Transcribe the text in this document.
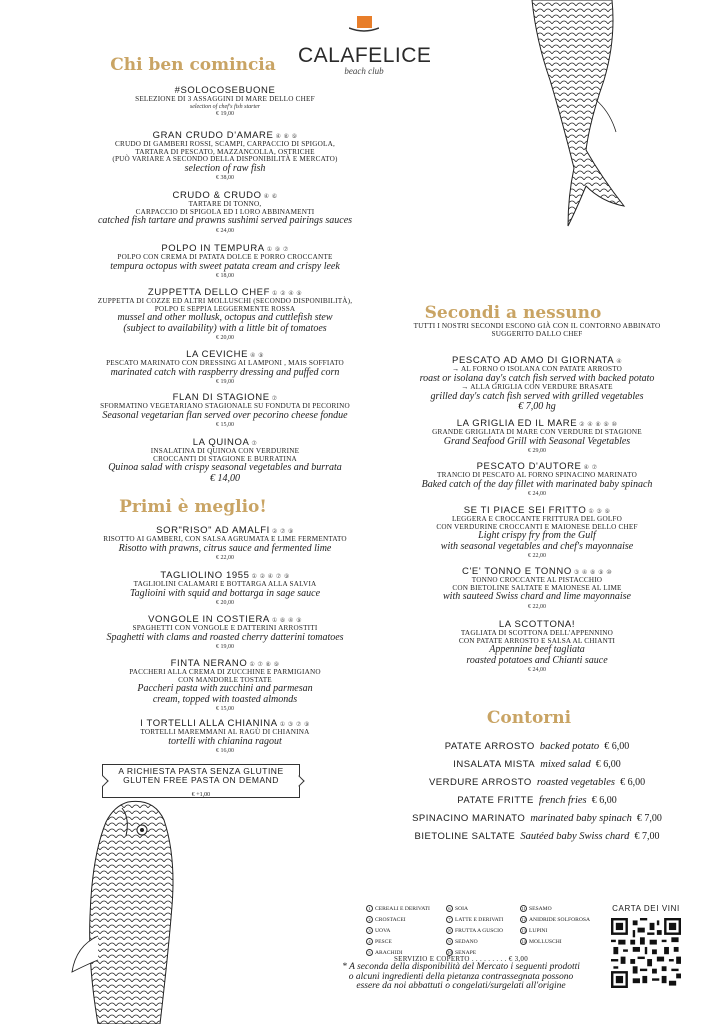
CALAFELICE
beach club
Chi ben comincia
Primi è meglio!
Secondi a nessuno
Contorni
#SOLOCOSEBUONE
SELEZIONE DI 3 ASSAGGINI DI MARE DELLO CHEF
selection of chef's fish starter
€ 19,00
GRAN CRUDO D'AMARE ④ ⑧ ⑨
CRUDO DI GAMBERI ROSSI, SCAMPI, CARPACCIO DI SPIGOLA,
TARTARA DI PESCATO, MAZZANCOLLA, OSTRICHE
(PUÒ VARIARE A SECONDO DELLA DISPONIBILITÀ E MERCATO)
selection of raw fish
€ 38,00
CRUDO & CRUDO ④ ⑥
TARTARE DI TONNO,
CARPACCIO DI SPIGOLA ED I LORO ABBINAMENTI
catched fish tartare and prawns sushimi served pairings sauces
€ 24,00
POLPO IN TEMPURA ① ⑨ ⑦
POLPO CON CREMA DI PATATA DOLCE E PORRO CROCCANTE
tempura octopus with sweet patata cream and crispy leek
€ 18,00
ZUPPETTA DELLO CHEF ① ② ④ ⑨
ZUPPETTA DI COZZE ED ALTRI MOLLUSCHI (SECONDO DISPONIBILITÀ),
POLPO E SEPPIA LEGGERMENTE ROSSA
mussel and other mollusk, octopus and cuttlefish stew
(subject to availability) with a little bit of tomatoes
€ 20,00
LA CEVICHE ④ ⑨
PESCATO MARINATO CON DRESSING AI LAMPONI , MAIS SOFFIATO
marinated catch with raspberry dressing and puffed corn
€ 19,00
FLAN DI STAGIONE ⑦
SFORMATINO VEGETARIANO STAGIONALE SU FONDUTA DI PECORINO
Seasonal vegetarian flan served over pecorino cheese fondue
€ 15,00
LA QUINOA ⑦
INSALATINA DI QUINOA CON VERDURINE
CROCCANTI DI STAGIONE E BURRATINA
Quinoa salad with crispy seasonal vegetables and burrata
€ 14,00
SOR"RISO" AD AMALFI ② ⑦ ⑨
RISOTTO AI GAMBERI, CON SALSA AGRUMATA E LIME FERMENTATO
Risotto with prawns, citrus sauce and fermented lime
€ 22,00
TAGLIOLINO 1955 ① ② ④ ⑦ ⑨
TAGLIOLINI CALAMARI E BOTTARGA ALLA SALVIA
Taglioini with squid and bottarga in sage sauce
€ 20,00
VONGOLE IN COSTIERA ① ⑧ ④ ⑨
SPAGHETTI CON VONGOLE E DATTERINI ARROSTITI
Spaghetti with clams and roasted cherry datterini tomatoes
€ 19,00
FINTA NERANO ① ⑦ ⑧ ⑨
PACCHERI ALLA CREMA DI ZUCCHINE E PARMIGIANO
CON MANDORLE TOSTATE
Paccheri pasta with zucchini and parmesan
cream, topped with toasted almonds
€ 15,00
I TORTELLI ALLA CHIANINA ① ③ ⑦ ⑨
TORTELLI MAREMMANI AL RAGÙ DI CHIANINA
tortelli with chianina ragout
€ 16,00
A RICHIESTA PASTA SENZA GLUTINE
GLUTEN FREE PASTA ON DEMAND
€ +1,00
TUTTI I NOSTRI SECONDI ESCONO GIÀ CON IL CONTORNO ABBINATO
SUGGERITO DALLO CHEF
PESCATO AD AMO DI GIORNATA ④
→ AL FORNO O ISOLANA CON PATATE ARROSTO
roast or isolana day's catch fish served with backed potato
→ ALLA GRIGLIA CON VERDURE BRASATE
grilled day's catch fish served with grilled vegetables
€ 7,00 hg
LA GRIGLIA ED IL MARE ② ④ ⑧ ⑨ ⑩
GRANDE GRIGLIATA DI MARE CON VERDURE DI STAGIONE
Grand Seafood Grill with Seasonal Vegetables
€ 29,00
PESCATO D'AUTORE ④ ⑦
TRANCIO DI PESCATO AL FORNO SPINACINO MARINATO
Baked catch of the day fillet with marinated baby spinach
€ 24,00
SE TI PIACE SEI FRITTO ① ③ ⑨
LEGGERA E CROCCANTE FRITTURA DEL GOLFO
CON VERDURINE CROCCANTI E MAIONESE DELLO CHEF
Light crispy fry from the Gulf
with seasonal vegetables and chef's mayonnaise
€ 22,00
C'E' TONNO E TONNO ③ ④ ⑧ ⑨ ⑩
TONNO CROCCANTE AL PISTACCHIO
CON BIETOLINE SALTATE E MAIONESE AL LIME
with sauteed Swiss chard and lime mayonnaise
€ 22,00
LA SCOTTONA!
TAGLIATA DI SCOTTONA DELL'APPENNINO
CON PATATE ARROSTO E SALSA AL CHIANTI
Appennine beef tagliata
roasted potatoes and Chianti sauce
€ 24,00
PATATE ARROSTO backed potato € 6,00
INSALATA MISTA mixed salad € 6,00
VERDURE ARROSTO roasted vegetables € 6,00
PATATE FRITTE french fries € 6,00
SPINACINO MARINATO marinated baby spinach € 7,00
BIETOLINE SALTATE Sautéed baby Swiss chard € 7,00
1 CEREALI E DERIVATI
2 CROSTACEI
3 UOVA
4 PESCE
5 ARACHIDI
6 SOIA
7 LATTE E DERIVATI
8 FRUTTA A GUSCIO
9 SEDANO
10 SENAPE
11 SESAMO
12 ANIDRIDE SOLFOROSA
13 LUPINI
14 MOLLUSCHI
SERVIZIO E COPERTO . . . . . . . . . € 3,00
* A seconda della disponibilità del Mercato i seguenti prodotti
o alcuni ingredienti della pietanza contrassegnata possono
essere da noi abbattuti o congelati/surgelati all'origine
CARTA DEI VINI
